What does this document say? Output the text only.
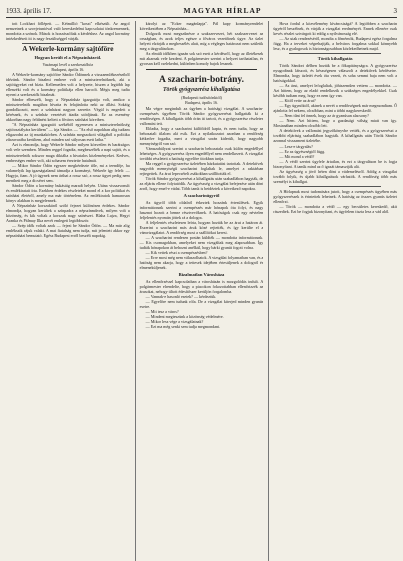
1933. április 17.	MAGYAR HÍRLAP	3

tott Lockhart föllépett. — Kétmillió "koszt" elkészült. Az angol nemzetnek a szovjetunióval való kereskedelmi kapcsolatai tönkremennek, mondotta a szónok. Mások is hozzászóltak a kérdéshez. Az angol kormány intézkedéseit itt is nagy feszültséggel várják.

A Wekerle-kormány sajtóföre
Hogyan került el a Népszínházról.
Vasárnapi levél a szerkesztőhöz
Budapest, április 16.

A Wekerle-kormány sajtóföre Sándor Ödönnek a visszaemlékezéseiből idézünk. Sándor bizalmi embere volt a miniszterelnöknek, aki a sajtóügyeket reá bízta. Kellemetlen volt a helyzete, hiszen a legtöbb lap ellenzéki volt és a kormány politikája ellen harcolt. Mégis meg tudta nyerni a szerkesztők bizalmát.

Sándor elbeszéli, hogy a Népszínház igazgatója volt, amikor a miniszterelnök magához hívatta és felajánlotta neki az állást. Sokáig gondolkozott, mert a színházat nagyon szerette. Végül is engedett a kérésnek, és a színház vezetését átadta utódjának. Ez az esemény akkoriban nagy feltűnést keltett a főváros színházi köreiben.

"A Népszínház igazgatói székéből egyenesen a miniszterelnökség sajtóosztályára kerültem" — írja Sándor. — "Az első napokban alig tudtam eligazodni az új munkakörben. A színház megszokott világából a politika zűrzavarába kerültem, ahol minden szó súlyosan esett latba."

Azt is elmondja, hogy Wekerle Sándor milyen közvetlen és barátságos volt vele szemben. Minden reggel fogadta, megbeszélték a napi sajtót, és a miniszterelnök sokszor maga diktálta a hivatalos közleményeket. Kedves, emberséges ember volt, aki sohasem éreztette hatalmát.

— Mikor Sándor Ödön egyszer megkérdezte tőle, mi a teendője, ha valamelyik lap igazságtalanul támadja a kormányt, Wekerle így felelt: — Hagyja, fiam. A jó ügynek nem árthat a rossz szó, a rossz ügyet pedig nem mentheti meg a dicséret sem.

Sándor Ödön a kormány bukásáig maradt helyén. Utána visszavonult és emlékiratait írta. Ezekben érdekes részleteket mond el a kor politikai és színházi életéről, amely ma már történelem. Az emlékiratok hamarosan könyv alakban is megjelennek.

A Népszínház korszakáról szóló fejezet különösen érdekes. Sándor elmondja, hogyan kerültek a színpadra a népszínművek, milyen volt a közönség, és kik voltak a korszak nagy színészei. Blaha Lujza, Hegyi Aranka és Pálmay Ilka nevét emlegeti legtöbbször.

— Szép idők voltak azok — fejezi be Sándor Ödön. — Ma már alig emlékszik rájuk valaki. A mai fiatalság nem tudja, mit jelentett akkor egy népszínházi bemutató. Egész Budapest erről beszélt napokig.

károlyi az "Ecker magánlapja". Pál kapy kormányrendelet következtében a Népszínház...

Dolgozik most megszűnésre a szakszervezet, hét szakszervezet az országban, és azok teljes egésze a főváros vezetőinek ügye. Az üzlet helyett elzárják a megbeszélés alatt, míg a végleges határozat nem születik meg a tárgyalásokon.

Az elmúlt időkben igazán sok szó esett a kérdésről, hogy az illetékesek mit akarnak vele kezdeni. A polgármester szerint a helyzet tarthatatlan, és gyorsan kell cselekedni, különben komoly bajok lesznek.

A szacharin-botrány.
Török gyógyszerész kihallgatása
(Budapesti tudósítónktól)
Budapest, április 16.

Ma végre megindult az ügyben a hatósági vizsgálat. A szacharin-csempészés ügyében Török Sándor gyógyszerészt hallgatták ki a rendőrségen. A kihallgatás több órán át tartott, és a gyógyszerész részletes vallomást tett.

Előadta, hogy a szacharint külföldről kapta, és nem tudta, hogy az behozatali tilalom alá esik. Ezt a nyilatkozatot azonban a rendőrség kétkedve fogadta, mert a vizsgálat során kiderült, hogy nagyobb mennyiségről van szó.

Vámszabályzat szerint a szacharin behozatala csak külön engedéllyel lehetséges. A gyógyszerész ilyen engedéllyel nem rendelkezett. A vizsgálat további részleteit a hatóság egyelőre titokban tartja.

Ma reggel a gyógyszerész üzletében házkutatást tartottak. A detektívek nagyobb mennyiségű szacharint foglaltak le, amelyet a raktárban rejtegettek. Az árut lepecsételt zsákokban szállították el.

Török Sándor gyógyszerészt a kihallgatás után szabadlábon hagyták, de az eljárás ellene folytatódik. Az ügyészség a vizsgálat befejezése után dönt arról, hogy emel-e vádat. Több tanút is beidéztek a következő napokra.

A szacharinügyrõl

Az ügyről több oldalról érkeztek hozzánk értesülések. Egyik informátorunk szerint a csempészés már hónapok óta folyt, és nagy hasznot hozott a benne résztvevőknek. A hatóságok csak egy névtelen feljelentés nyomán jöttek rá a dologra.

A feljelentés részletesen leírta, hogyan hozták be az árut a határon át. Eszerint a szacharint más áruk közé rejtették, és így kerülte el a vámvizsgálatot. A rendőrség most a szállítókat keresi.

— A szacharint rendesen postán küldték — mondotta informátorunk. — Kis csomagokban, amelyeket nem vizsgáltak meg alaposabban. Így tudták hónapokon át behozni anélkül, hogy bárki gyanút fogott volna.

— Kik vettek részt a csempészésben?

— Erre most még nem válaszolhatok. A vizsgálat folyamatban van, és a hatóság nem akarja, hogy a tettesek idejében értesüljenek a dologról és elmeneküljenek.

Bizalmatlan Városháza

Az ellenőrzéssel kapcsolatban a városházán is mozgolódás indult. A polgármester elrendelte, hogy a piacokon fokozottabban ellenőrizzék az árusokat, nehogy tiltott édesítőszer kerüljön forgalomba.

— Vannak-e hasonló esetek? — kérdeztük.

— Egyelőre nem tudunk róla. De a vizsgálat kiterjed minden gyanús esetre.

— Mit tesz a város?

— Mindent megteszünk a közönség védelmére.

— Mikor lesz vége a vizsgálatnak?

— Ezt ma még senki sem tudja megmondani.

Hova fordul a közvélemény kíváncsiságá? A legtöbben a szacharin ügyéről beszélnek, és várják a vizsgálat eredményét. Ennek ellenére csak kevés részlet szivárgott ki eddig a nyilvánosság elé.

— Az utak rendezéséről, mondta a főmérnök, Budapest egész forgalma függ. Ha a terveket végrehajtják, a belváros forgalma sokkal könnyebb lesz, és a gyalogosok is biztonságosabban közlekedhetnek majd.

Török kihallgatás

Török Sándort délben hozták be a főkapitányságra. A gyógyszerész nyugodtnak látszott, és készségesen válaszolt a detektívek kérdéseire. Elmondta, hogy üzletét évek óta vezeti, és soha semmi baja nem volt a hatóságokkal.

— Az árut, amelyet lefoglaltak, jóhiszeműen vettem — mondotta. — Azt hittem, hogy az eladó rendelkezik a szükséges engedélyekkel. Csak később tudtam meg, hogy ez nem így van.

— Kitől vette az árut?

— Egy ügynöktől, akinek a nevét a rendőrségnek már megmondtam. Ő ajánlotta fel nekem, olcsóbban, mint a többi nagykereskedő.

— Nem tűnt fel önnek, hogy az ár gyanúsan alacsony?

— Nem. Azt hittem, hogy a gazdasági válság miatt van így. Mostanában minden olcsóbb lett.

A detektívek a vallomást jegyzőkönyvbe vették, és a gyógyszerészt a további eljárásig szabadlábon hagyták. A kihallgatás után Török Sándor azonnal visszament üzletébe.

— Lesz-e tárgyalás?

— Ez az ügyészségtől függ.

— Mit mond a védő?

— A védő szerint ügyfele ártatlan, és ezt a tárgyaláson be is fogja bizonyítani. A tanúk mind az ő igazát támasztják alá.

Az ügyészség a jövő héten dönt a vádemelésről. Addig a vizsgálat tovább folyik, és újabb kihallgatások várhatók. A rendőrség több más személyt is kihallgat.

A Hírlapnak most tudomására jutott, hogy a csempészés ügyében más gyógyszerészek is érintettek lehetnek. A hatóság az összes gyanús üzletet ellenőrzi.

— Török — mondotta a védő — egy becsületes kereskedő, akit rászedtek. Ezt be fogjuk bizonyítani, és ügyfelem tiszta lesz a vád alól.
